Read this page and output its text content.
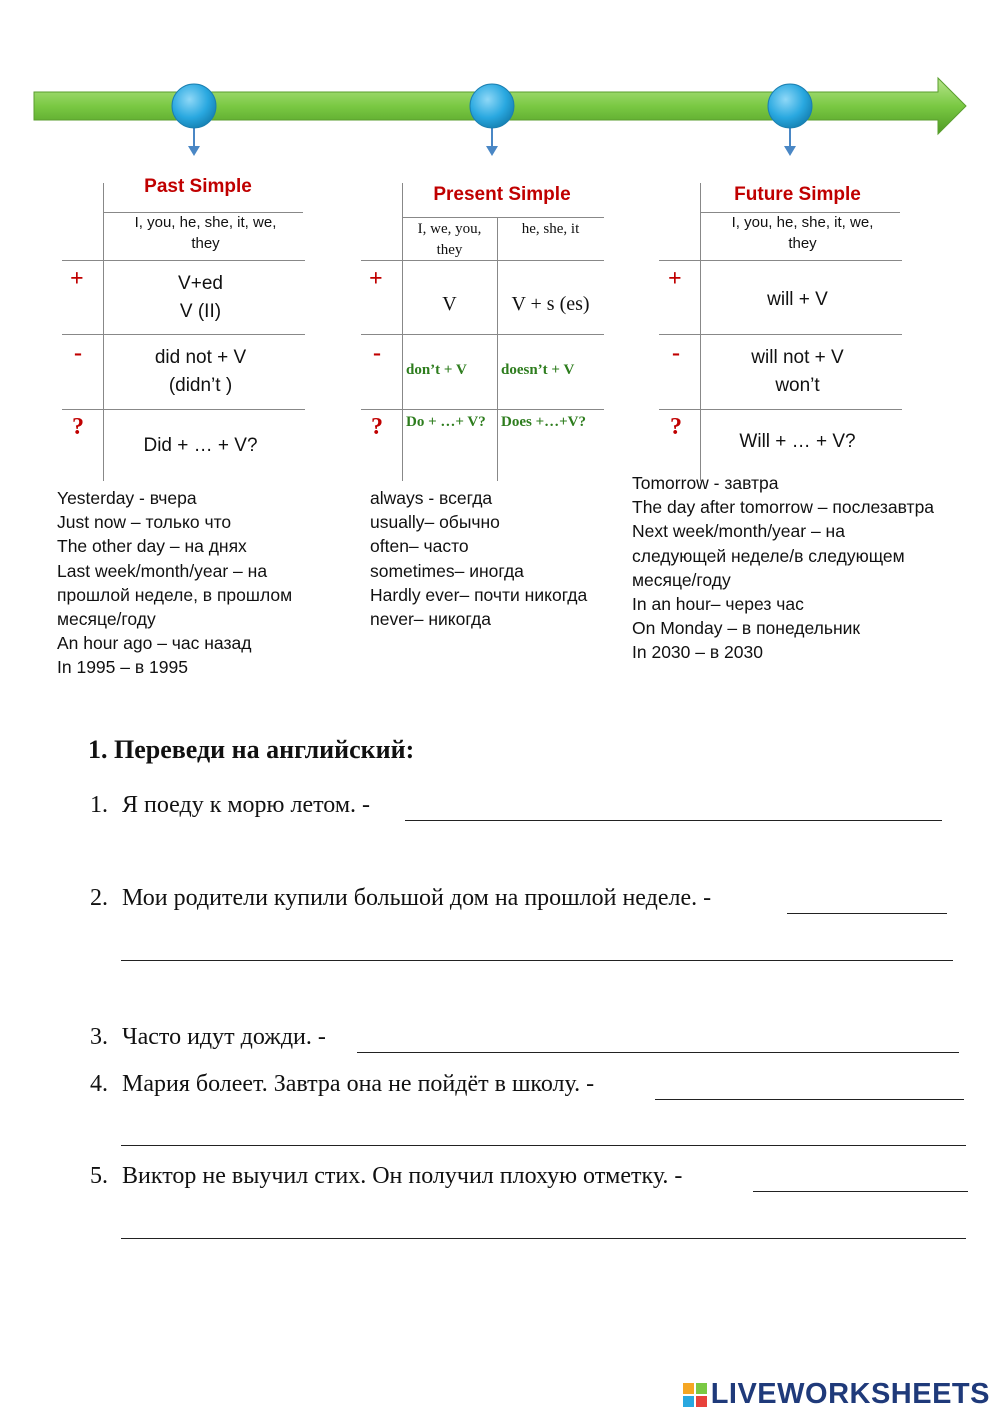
Past Simple
I, you, he, she, it, we,
they
+
-
?
V+ed
V (II)
did not + V
(didn’t )
Did + … + V?
Yesterday - вчера
Just now – только что
The other day – на днях
Last week/month/year – на
прошлой неделе, в прошлом
месяце/году
An hour ago – час назад
In 1995 – в 1995
Present Simple
I, we, you,
they
he, she, it
+
-
?
V	V + s (es)
don’t + V doesn’t + V
Do + …+ V? Does +…+V?
always - всегда
usually– обычно
often– часто
sometimes– иногда
Hardly ever– почти никогда
never– никогда
Future Simple
I, you, he, she, it, we,
they
+
-
?
will + V
will not + V
won’t
Will + … + V?
Tomorrow - завтра
The day after tomorrow – послезавтра
Next week/month/year – на
следующей неделе/в следующем
месяце/году
In an hour– через час
On Monday – в понедельник
In 2030 – в 2030
1. Переведи на английский:
1. Я поеду к морю летом. -
2. Мои родители купили большой дом на прошлой неделе. -
3. Часто идут дожди. -
4. Мария болеет. Завтра она не пойдёт в школу. -
5. Виктор не выучил стих. Он получил плохую отметку. -
LIVEWORKSHEETS
